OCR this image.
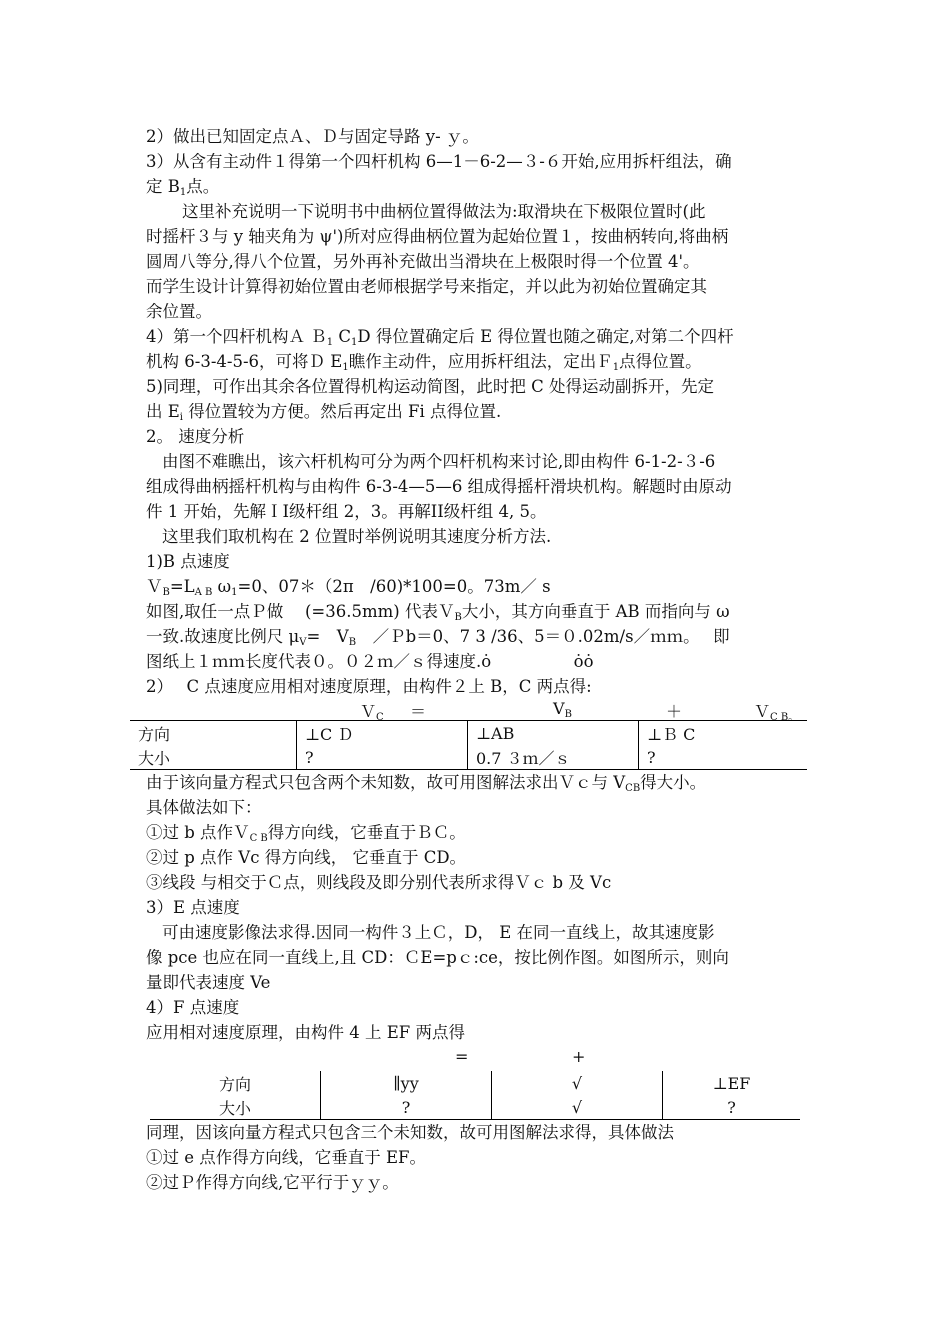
2）做出已知固定点Ａ、Ｄ与固定导路 y- ｙ。
3）从含有主动件１得第一个四杆机构 6—1－6-2—３-６开始,应用拆杆组法，确
定 $B_1$点。
这里补充说明一下说明书中曲柄位置得做法为:取滑块在下极限位置时(此
时摇杆３与 y 轴夹角为 ψ')所对应得曲柄位置为起始位置１，按曲柄转向,将曲柄
圆周八等分,得八个位置，另外再补充做出当滑块在上极限时得一个位置 4'。
而学生设计计算得初始位置由老师根据学号来指定，并以此为初始位置确定其
余位置。
4）第一个四杆机构Ａ Ｂ$_1$ $C_1D$ 得位置确定后 E 得位置也随之确定,对第二个四杆
机构 6-3-4-5-6，可将Ｄ $E_1$瞧作主动件，应用拆杆组法，定出Ｆ$_1$点得位置。
5)同理，可作出其余各位置得机构运动简图，此时把 C 处得运动副拆开，先定
出 $E_i$ 得位置较为方便。然后再定出 Fi 点得位置.
2。 速度分析
由图不难瞧出，该六杆机构可分为两个四杆机构来讨论,即由构件 6-1-2-３-6
组成得曲柄摇杆机构与由构件 6-3-4—5—6 组成得摇杆滑块机构。解题时由原动
件 1 开始，先解ＩⅠ级杆组 2，3。再解II级杆组 4, 5。
这里我们取机构在 2 位置时举例说明其速度分析方法.
1)B 点速度
$V_B=L_{A B}$ $\omega_1=0$、07＊（2π　/60)*100=0。73m／ s
如图,取任一点Ｐ做　 (=36.5mm) 代表Ｖ$_B$大小，其方向垂直于 AB 而指向与 ω
一致.故速度比例尺 $\mu_V=$　$V_B$　 ／Ｐb＝0、7 3 /36、5＝０.02m/s／ｍｍ。　 即
图纸上１ｍｍ长度代表０。０２ｍ／ｓ得速度.ȯ　　　　　ȯȯ
2）　 C 点速度应用相对速度原理，由构件２上 B，C 两点得:
Ｖ$_C$ ＝	$V_B$	＋	Ｖ$_{C B。}$
方向	⊥C Ｄ	⊥AB	⊥Ｂ C
大小	?	0.7 ３ｍ／ｓ	?
由于该向量方程式只包含两个未知数，故可用图解法求出Ｖｃ与 $V_{CB}$得大小。
具体做法如下：
①过 b 点作Ｖ$_{C B}$得方向线，它垂直于ＢＣ。
②过 p 点作 Vc 得方向线， 它垂直于 CD。
③线段 与相交于Ｃ点，则线段及即分别代表所求得Ｖｃ b 及 Vc
3）E 点速度
可由速度影像法求得.因同一构件３上Ｃ，D， E 在同一直线上，故其速度影
像 pce 也应在同一直线上,且 CD：ＣE=pｃ:ce，按比例作图。如图所示，则向
量即代表速度 Ve
4）F 点速度
应用相对速度原理，由构件 4 上 EF 两点得
=	+
方向	∥yy	√	⊥EF
大小	?	√	?
同理，因该向量方程式只包含三个未知数，故可用图解法求得，具体做法
①过 e 点作得方向线，它垂直于 EF。
②过Ｐ作得方向线,它平行于ｙｙ。
